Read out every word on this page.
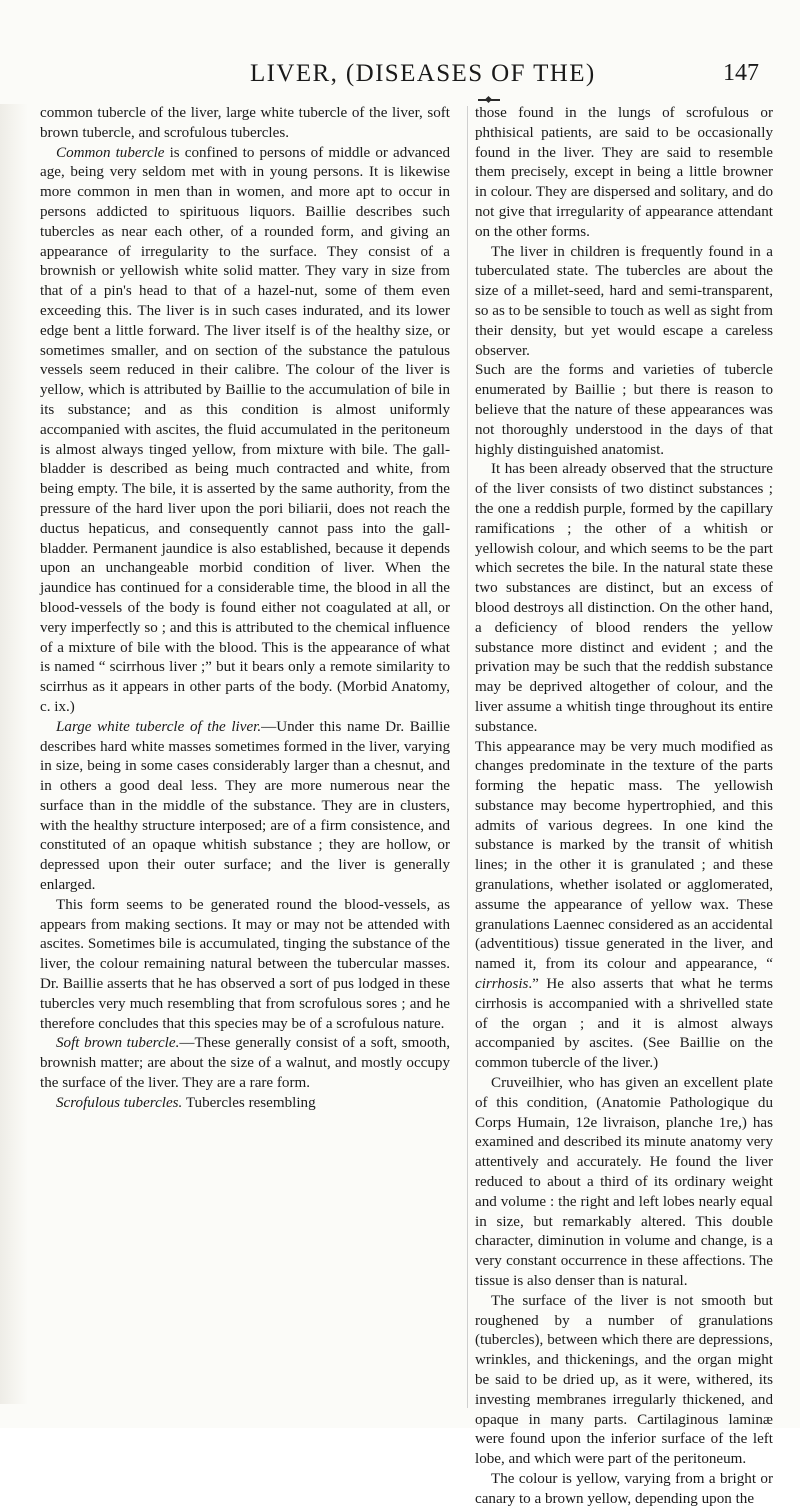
LIVER, (DISEASES OF THE)	147

common tubercle of the liver, large white tubercle of the liver, soft brown tubercle, and scrofulous tubercles.

Common tubercle is confined to persons of middle or advanced age, being very seldom met with in young persons. It is likewise more common in men than in women, and more apt to occur in persons addicted to spirituous liquors. Baillie describes such tubercles as near each other, of a rounded form, and giving an appearance of irregularity to the surface. They consist of a brownish or yellowish white solid matter. They vary in size from that of a pin's head to that of a hazel-nut, some of them even exceeding this. The liver is in such cases indurated, and its lower edge bent a little forward. The liver itself is of the healthy size, or sometimes smaller, and on section of the substance the patulous vessels seem reduced in their calibre. The colour of the liver is yellow, which is attributed by Baillie to the accumulation of bile in its substance; and as this condition is almost uniformly accompanied with ascites, the fluid accumulated in the peritoneum is almost always tinged yellow, from mixture with bile. The gall-bladder is described as being much contracted and white, from being empty. The bile, it is asserted by the same authority, from the pressure of the hard liver upon the pori biliarii, does not reach the ductus hepaticus, and consequently cannot pass into the gall-bladder. Permanent jaundice is also established, because it depends upon an unchangeable morbid condition of liver. When the jaundice has continued for a considerable time, the blood in all the blood-vessels of the body is found either not coagulated at all, or very imperfectly so ; and this is attributed to the chemical influence of a mixture of bile with the blood. This is the appearance of what is named “ scirrhous liver ;” but it bears only a remote similarity to scirrhus as it appears in other parts of the body. (Morbid Anatomy, c. ix.)

Large white tubercle of the liver.—Under this name Dr. Baillie describes hard white masses sometimes formed in the liver, varying in size, being in some cases considerably larger than a chesnut, and in others a good deal less. They are more numerous near the surface than in the middle of the substance. They are in clusters, with the healthy structure interposed; are of a firm consistence, and constituted of an opaque whitish substance ; they are hollow, or depressed upon their outer surface; and the liver is generally enlarged.

This form seems to be generated round the blood-vessels, as appears from making sections. It may or may not be attended with ascites. Sometimes bile is accumulated, tinging the substance of the liver, the colour remaining natural between the tubercular masses. Dr. Baillie asserts that he has observed a sort of pus lodged in these tubercles very much resembling that from scrofulous sores ; and he therefore concludes that this species may be of a scrofulous nature.

Soft brown tubercle.—These generally consist of a soft, smooth, brownish matter; are about the size of a walnut, and mostly occupy the surface of the liver. They are a rare form.

Scrofulous tubercles. Tubercles resembling

those found in the lungs of scrofulous or phthisical patients, are said to be occasionally found in the liver. They are said to resemble them precisely, except in being a little browner in colour. They are dispersed and solitary, and do not give that irregularity of appearance attendant on the other forms.

The liver in children is frequently found in a tuberculated state. The tubercles are about the size of a millet-seed, hard and semi-transparent, so as to be sensible to touch as well as sight from their density, but yet would escape a careless observer.

Such are the forms and varieties of tubercle enumerated by Baillie ; but there is reason to believe that the nature of these appearances was not thoroughly understood in the days of that highly distinguished anatomist.

It has been already observed that the structure of the liver consists of two distinct substances ; the one a reddish purple, formed by the capillary ramifications ; the other of a whitish or yellowish colour, and which seems to be the part which secretes the bile. In the natural state these two substances are distinct, but an excess of blood destroys all distinction. On the other hand, a deficiency of blood renders the yellow substance more distinct and evident ; and the privation may be such that the reddish substance may be deprived altogether of colour, and the liver assume a whitish tinge throughout its entire substance.

This appearance may be very much modified as changes predominate in the texture of the parts forming the hepatic mass. The yellowish substance may become hypertrophied, and this admits of various degrees. In one kind the substance is marked by the transit of whitish lines; in the other it is granulated ; and these granulations, whether isolated or agglomerated, assume the appearance of yellow wax. These granulations Laennec considered as an accidental (adventitious) tissue generated in the liver, and named it, from its colour and appearance, “ cirrhosis.” He also asserts that what he terms cirrhosis is accompanied with a shrivelled state of the organ ; and it is almost always accompanied by ascites. (See Baillie on the common tubercle of the liver.)

Cruveilhier, who has given an excellent plate of this condition, (Anatomie Pathologique du Corps Humain, 12e livraison, planche 1re,) has examined and described its minute anatomy very attentively and accurately. He found the liver reduced to about a third of its ordinary weight and volume : the right and left lobes nearly equal in size, but remarkably altered. This double character, diminution in volume and change, is a very constant occurrence in these affections. The tissue is also denser than is natural.

The surface of the liver is not smooth but roughened by a number of granulations (tubercles), between which there are depressions, wrinkles, and thickenings, and the organ might be said to be dried up, as it were, withered, its investing membranes irregularly thickened, and opaque in many parts. Cartilaginous laminæ were found upon the inferior surface of the left lobe, and which were part of the peritoneum.

The colour is yellow, varying from a bright or canary to a brown yellow, depending upon the
